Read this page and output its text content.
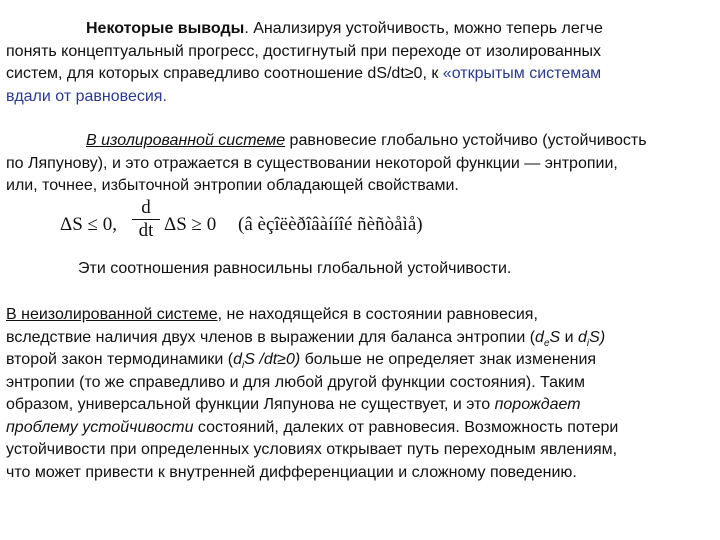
Некоторые выводы. Анализируя устойчивость, можно теперь легче
понять концептуальный прогресс, достигнутый при переходе от изолированных
систем, для которых справедливо соотношение dS/dt≥0, к «открытым системам
вдали от равновесия.
В изолированной системе равновесие глобально устойчиво (устойчивость
по Ляпунову), и это отражается в существовании некоторой функции — энтропии,
или, точнее, избыточной энтропии обладающей свойствами.
ΔS ≤ 0,
d
dt ΔS ≥ 0 (â èçîëèðîâàííîé ñèñòåìå)
Эти соотношения равносильны глобальной устойчивости.
В неизолированной системе, не находящейся в состоянии равновесия,
вследствие наличия двух членов в выражении для баланса энтропии ($d_eS$ и $d_iS$)
второй закон термодинамики ($d_iS$ /dt≥0) больше не определяет знак изменения
энтропии (то же справедливо и для любой другой функции состояния). Таким
образом, универсальной функции Ляпунова не существует, и это порождает
проблему устойчивости состояний, далеких от равновесия. Возможность потери
устойчивости при определенных условиях открывает путь переходным явлениям,
что может привести к внутренней дифференциации и сложному поведению.
